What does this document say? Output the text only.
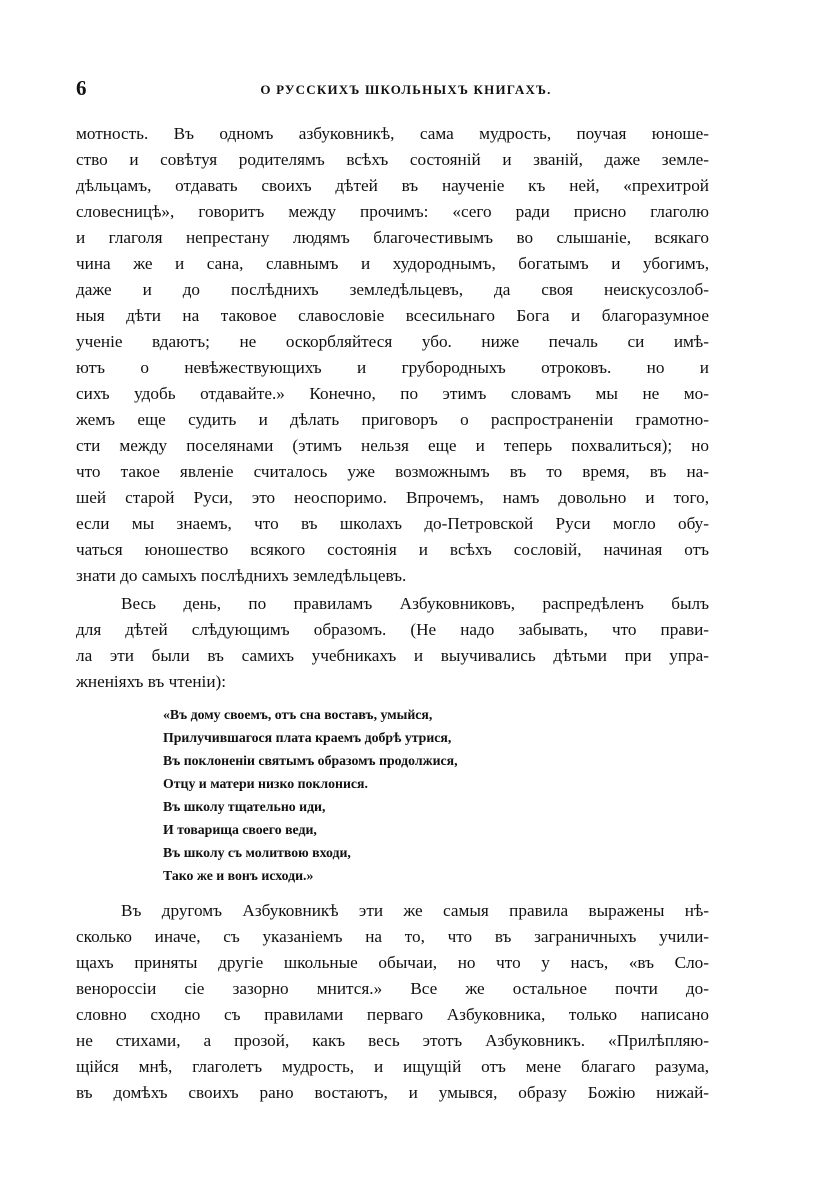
6	О РУССКИХЪ ШКОЛЬНЫХЪ КНИГАХЪ.
мотность. Въ одномъ азбуковникѣ, сама мудрость, поучая юноше-
ство и совѣтуя родителямъ всѣхъ состояній и званій, даже земле-
дѣльцамъ, отдавать своихъ дѣтей въ наученіе къ ней, «прехитрой
словесницѣ», говоритъ между прочимъ: «сего ради присно глаголю
и глаголя непрестану людямъ благочестивымъ во слышаніе, всякаго
чина же и сана, славнымъ и худороднымъ, богатымъ и убогимъ,
даже и до послѣднихъ земледѣльцевъ, да своя неискусозлоб-
ныя дѣти на таковое славословіе всесильнаго Бога и благоразумное
ученіе вдаютъ; не оскорбляйтеся убо. ниже печаль си имѣ-
ютъ о невѣжествующихъ и грубородныхъ отроковъ. но и
сихъ удобь отдавайте.» Конечно, по этимъ словамъ мы не мо-
жемъ еще судить и дѣлать приговоръ о распространеніи грамотно-
сти между поселянами (этимъ нельзя еще и теперь похвалиться); но
что такое явленіе считалось уже возможнымъ въ то время, въ на-
шей старой Руси, это неоспоримо. Впрочемъ, намъ довольно и того,
если мы знаемъ, что въ школахъ до-Петровской Руси могло обу-
чаться юношество всякого состоянія и всѣхъ сословій, начиная отъ
знати до самыхъ послѣднихъ земледѣльцевъ.
Весь день, по правиламъ Азбуковниковъ, распредѣленъ былъ
для дѣтей слѣдующимъ образомъ. (Не надо забывать, что прави-
ла эти были въ самихъ учебникахъ и выучивались дѣтьми при упра-
жненіяхъ въ чтеніи):
«Въ дому своемъ, отъ сна воставъ, умыйся,
Прилучившагося плата краемъ добрѣ утрися,
Въ поклоненіи святымъ образомъ продолжися,
Отцу и матери низко поклонися.
Въ школу тщательно иди,
И товарища своего веди,
Въ школу съ молитвою входи,
Тако же и вонъ исходи.»
Въ другомъ Азбуковникѣ эти же самыя правила выражены нѣ-
сколько иначе, съ указаніемъ на то, что въ заграничныхъ учили-
щахъ приняты другіе школьные обычаи, но что у насъ, «въ Сло-
венороссіи сіе зазорно мнится.» Все же остальное почти до-
словно сходно съ правилами перваго Азбуковника, только написано
не стихами, а прозой, какъ весь этотъ Азбуковникъ. «Прилѣпляю-
щійся мнѣ, глаголетъ мудрость, и ищущій отъ мене благаго разума,
въ домѣхъ своихъ рано востаютъ, и умывся, образу Божію нижай-
